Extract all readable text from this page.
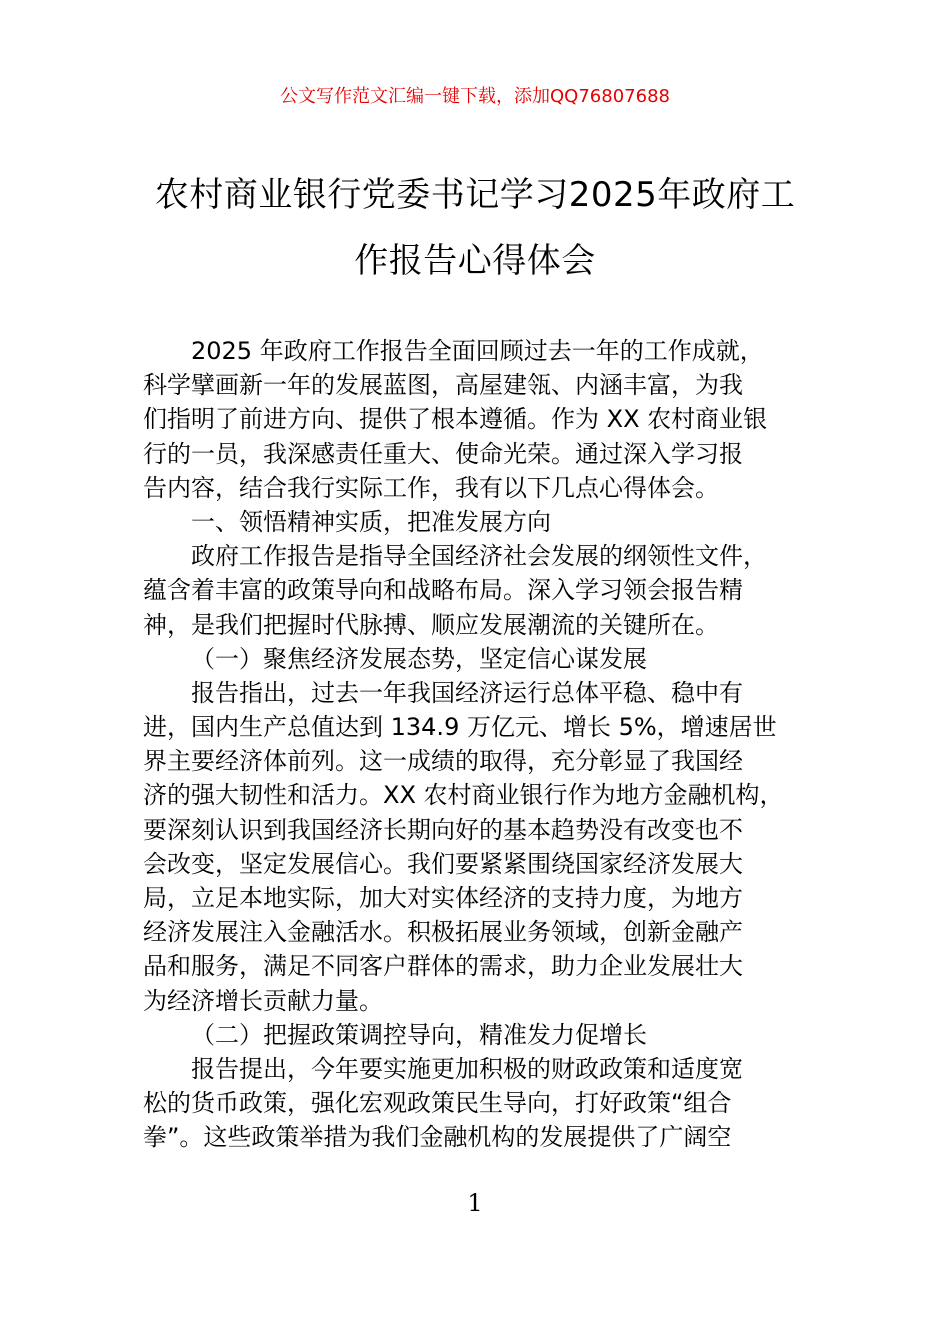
公文写作范文汇编一键下载，添加QQ76807688
农村商业银行党委书记学习2025年政府工
作报告心得体会
2025 年政府工作报告全面回顾过去一年的工作成就，
科学擘画新一年的发展蓝图，高屋建瓴、内涵丰富，为我
们指明了前进方向、提供了根本遵循。作为 XX 农村商业银
行的一员，我深感责任重大、使命光荣。通过深入学习报
告内容，结合我行实际工作，我有以下几点心得体会。
一、领悟精神实质，把准发展方向
政府工作报告是指导全国经济社会发展的纲领性文件，
蕴含着丰富的政策导向和战略布局。深入学习领会报告精
神，是我们把握时代脉搏、顺应发展潮流的关键所在。
（一）聚焦经济发展态势，坚定信心谋发展
报告指出，过去一年我国经济运行总体平稳、稳中有
进，国内生产总值达到 134.9 万亿元、增长 5%，增速居世
界主要经济体前列。这一成绩的取得，充分彰显了我国经
济的强大韧性和活力。XX 农村商业银行作为地方金融机构，
要深刻认识到我国经济长期向好的基本趋势没有改变也不
会改变，坚定发展信心。我们要紧紧围绕国家经济发展大
局，立足本地实际，加大对实体经济的支持力度，为地方
经济发展注入金融活水。积极拓展业务领域，创新金融产
品和服务，满足不同客户群体的需求，助力企业发展壮大
为经济增长贡献力量。
（二）把握政策调控导向，精准发力促增长
报告提出，今年要实施更加积极的财政政策和适度宽
松的货币政策，强化宏观政策民生导向，打好政策“组合
拳”。这些政策举措为我们金融机构的发展提供了广阔空
1
